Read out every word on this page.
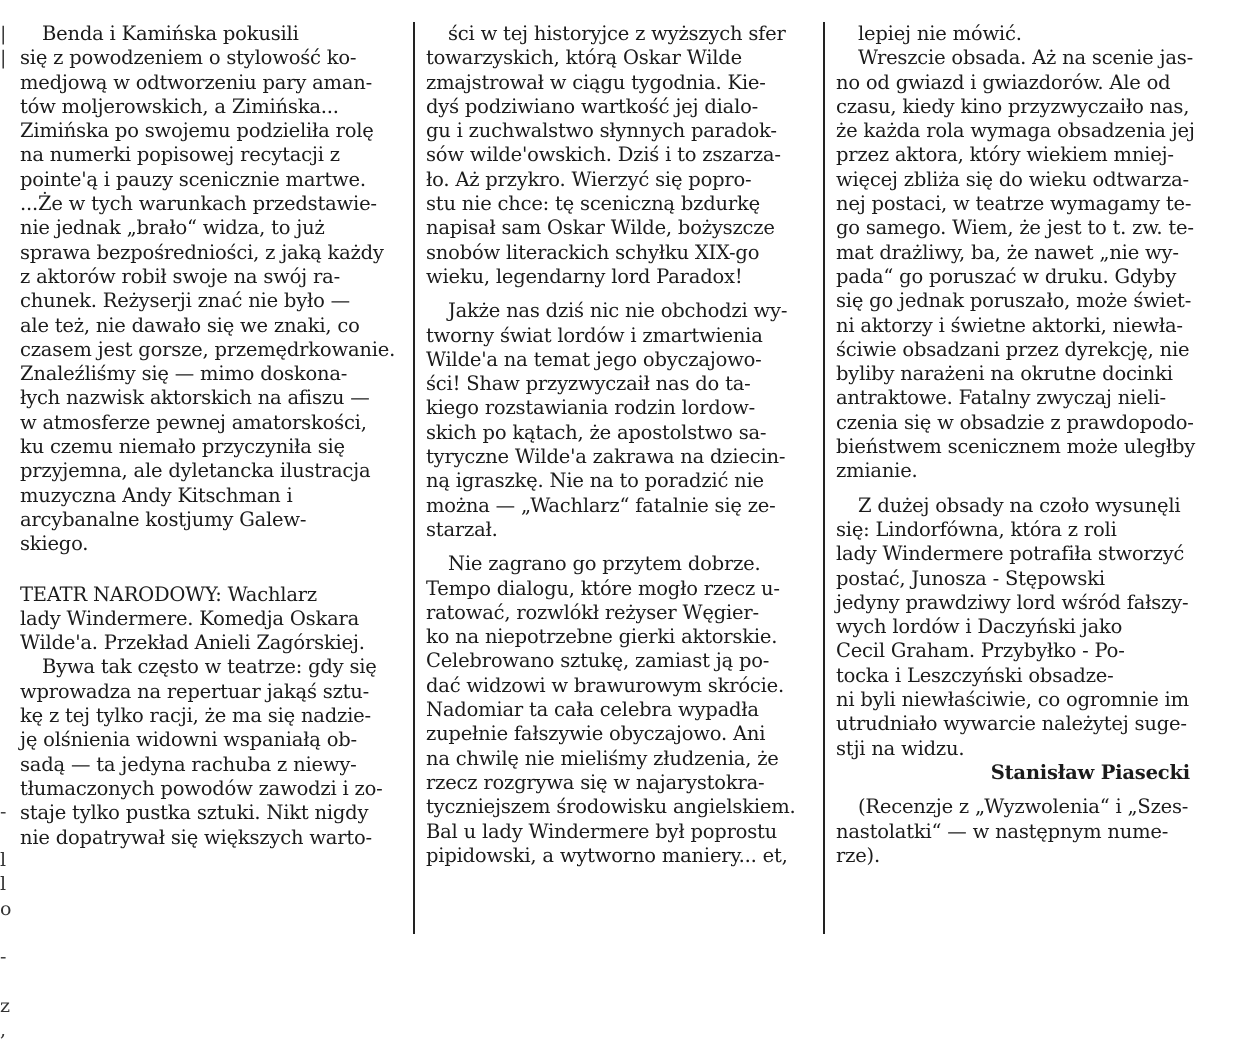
|
|
-
l
l
o
-
z
,

Benda i Kamińska pokusili

się z powodzeniem o stylowość ko-

medjową w odtworzeniu pary aman-

tów moljerowskich, a Zimińska...

Zimińska po swojemu podzieliła rolę

na numerki popisowej recytacji z

pointe'ą i pauzy scenicznie martwe.

...Że w tych warunkach przedstawie-

nie jednak „brało“ widza, to już

sprawa bezpośredniości, z jaką każdy

z aktorów robił swoje na swój ra-

chunek. Reżyserji znać nie było —

ale też, nie dawało się we znaki, co

czasem jest gorsze, przemędrkowanie.

Znaleźliśmy się — mimo doskona-

łych nazwisk aktorskich na afiszu —

w atmosferze pewnej amatorskości,

ku czemu niemało przyczyniła się

przyjemna, ale dyletancka ilustracja

muzyczna Andy Kitschman i

arcybanalne kostjumy Galew-

skiego.

TEATR NARODOWY: Wachlarz

lady Windermere. Komedja Oskara

Wilde'a. Przekład Anieli Zagórskiej.

Bywa tak często w teatrze: gdy się

wprowadza na repertuar jakąś sztu-

kę z tej tylko racji, że ma się nadzie-

ję olśnienia widowni wspaniałą ob-

sadą — ta jedyna rachuba z niewy-

tłumaczonych powodów zawodzi i zo-

staje tylko pustka sztuki. Nikt nigdy

nie dopatrywał się większych warto-

ści w tej historyjce z wyższych sfer

towarzyskich, którą Oskar Wilde

zmajstrował w ciągu tygodnia. Kie-

dyś podziwiano wartkość jej dialo-

gu i zuchwalstwo słynnych paradok-

sów wilde'owskich. Dziś i to zszarza-

ło. Aż przykro. Wierzyć się popro-

stu nie chce: tę sceniczną bzdurkę

napisał sam Oskar Wilde, bożyszcze

snobów literackich schyłku XIX-go

wieku, legendarny lord Paradox!

Jakże nas dziś nic nie obchodzi wy-

tworny świat lordów i zmartwienia

Wilde'a na temat jego obyczajowo-

ści! Shaw przyzwyczaił nas do ta-

kiego rozstawiania rodzin lordow-

skich po kątach, że apostolstwo sa-

tyryczne Wilde'a zakrawa na dziecin-

ną igraszkę. Nie na to poradzić nie

można — „Wachlarz“ fatalnie się ze-

starzał.

Nie zagrano go przytem dobrze.

Tempo dialogu, które mogło rzecz u-

ratować, rozwlókł reżyser Węgier-

ko na niepotrzebne gierki aktorskie.

Celebrowano sztukę, zamiast ją po-

dać widzowi w brawurowym skrócie.

Nadomiar ta cała celebra wypadła

zupełnie fałszywie obyczajowo. Ani

na chwilę nie mieliśmy złudzenia, że

rzecz rozgrywa się w najarystokra-

tyczniejszem środowisku angielskiem.

Bal u lady Windermere był poprostu

pipidowski, a wytworno maniery... et,

lepiej nie mówić.

Wreszcie obsada. Aż na scenie jas-

no od gwiazd i gwiazdorów. Ale od

czasu, kiedy kino przyzwyczaiło nas,

że każda rola wymaga obsadzenia jej

przez aktora, który wiekiem mniej-

więcej zbliża się do wieku odtwarza-

nej postaci, w teatrze wymagamy te-

go samego. Wiem, że jest to t. zw. te-

mat drażliwy, ba, że nawet „nie wy-

pada“ go poruszać w druku. Gdyby

się go jednak poruszało, może świet-

ni aktorzy i świetne aktorki, niewła-

ściwie obsadzani przez dyrekcję, nie

byliby narażeni na okrutne docinki

antraktowe. Fatalny zwyczaj nieli-

czenia się w obsadzie z prawdopodo-

bieństwem scenicznem może uległby

zmianie.

Z dużej obsady na czoło wysunęli

się: Lindorfówna, która z roli

lady Windermere potrafiła stworzyć

postać, Junosza - Stępowski

jedyny prawdziwy lord wśród fałszy-

wych lordów i Daczyński jako

Cecil Graham. Przybyłko - Po-

tocka i Leszczyński obsadze-

ni byli niewłaściwie, co ogromnie im

utrudniało wywarcie należytej suge-

stji na widzu.

Stanisław Piasecki

(Recenzje z „Wyzwolenia“ i „Szes-

nastolatki“ — w następnym nume-

rze).
